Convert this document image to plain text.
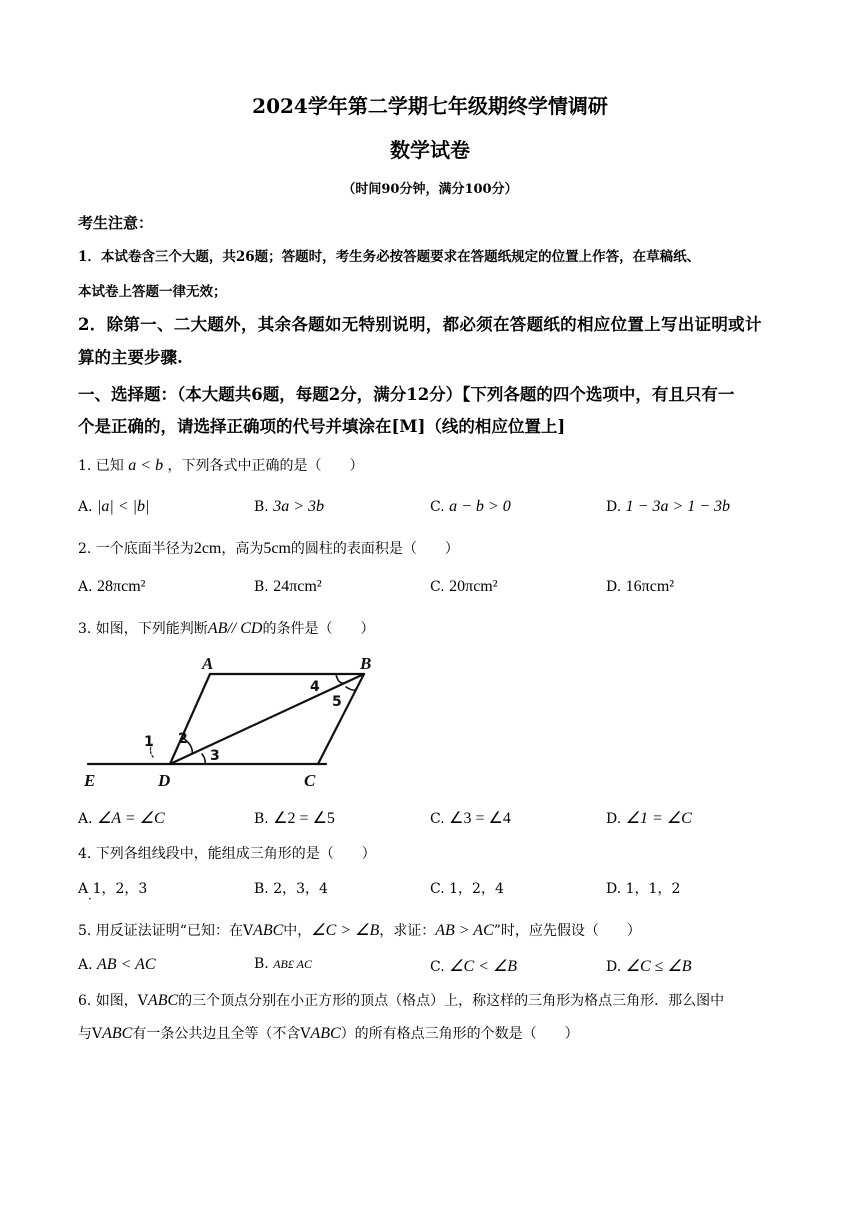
2024学年第二学期七年级期终学情调研
数学试卷
（时间90分钟，满分100分）
考生注意：
1．本试卷含三个大题，共26题；答题时，考生务必按答题要求在答题纸规定的位置上作答，在草稿纸、
本试卷上答题一律无效；
2．除第一、二大题外，其余各题如无特别说明，都必须在答题纸的相应位置上写出证明或计
算的主要步骤.
一、选择题：（本大题共6题，每题2分，满分12分）【下列各题的四个选项中，有且只有一
个是正确的，请选择正确项的代号并填涂在[M]（线的相应位置上]
1. 已知 a < b ，下列各式中正确的是（　　）
A. |a| < |b|	B. 3a > 3b	C. a − b > 0	D. 1 − 3a > 1 − 3b
2. 一个底面半径为2cm，高为5cm的圆柱的表面积是（　　）
A. 28πcm²	B. 24πcm²	C. 20πcm²	D. 16πcm²
3. 如图，下列能判断AB// CD的条件是（　　）
A	B
C
D
E
1 2
3
4
5
A. ∠A = ∠C	B. ∠2 = ∠5	C. ∠3 = ∠4	D. ∠1 = ∠C
4. 下列各组线段中，能组成三角形的是（　　）
A 1，2，3
·
B. 2，3，4	C. 1，2，4	D. 1，1，2
5. 用反证法证明“已知：在VABC中，∠C > ∠B，求证：AB > AC”时，应先假设（　　）
A. AB < AC	B. AB£ AC	C. ∠C < ∠B	D. ∠C ≤ ∠B
6. 如图，VABC的三个顶点分别在小正方形的顶点（格点）上，称这样的三角形为格点三角形．那么图中
与VABC有一条公共边且全等（不含VABC）的所有格点三角形的个数是（　　）
